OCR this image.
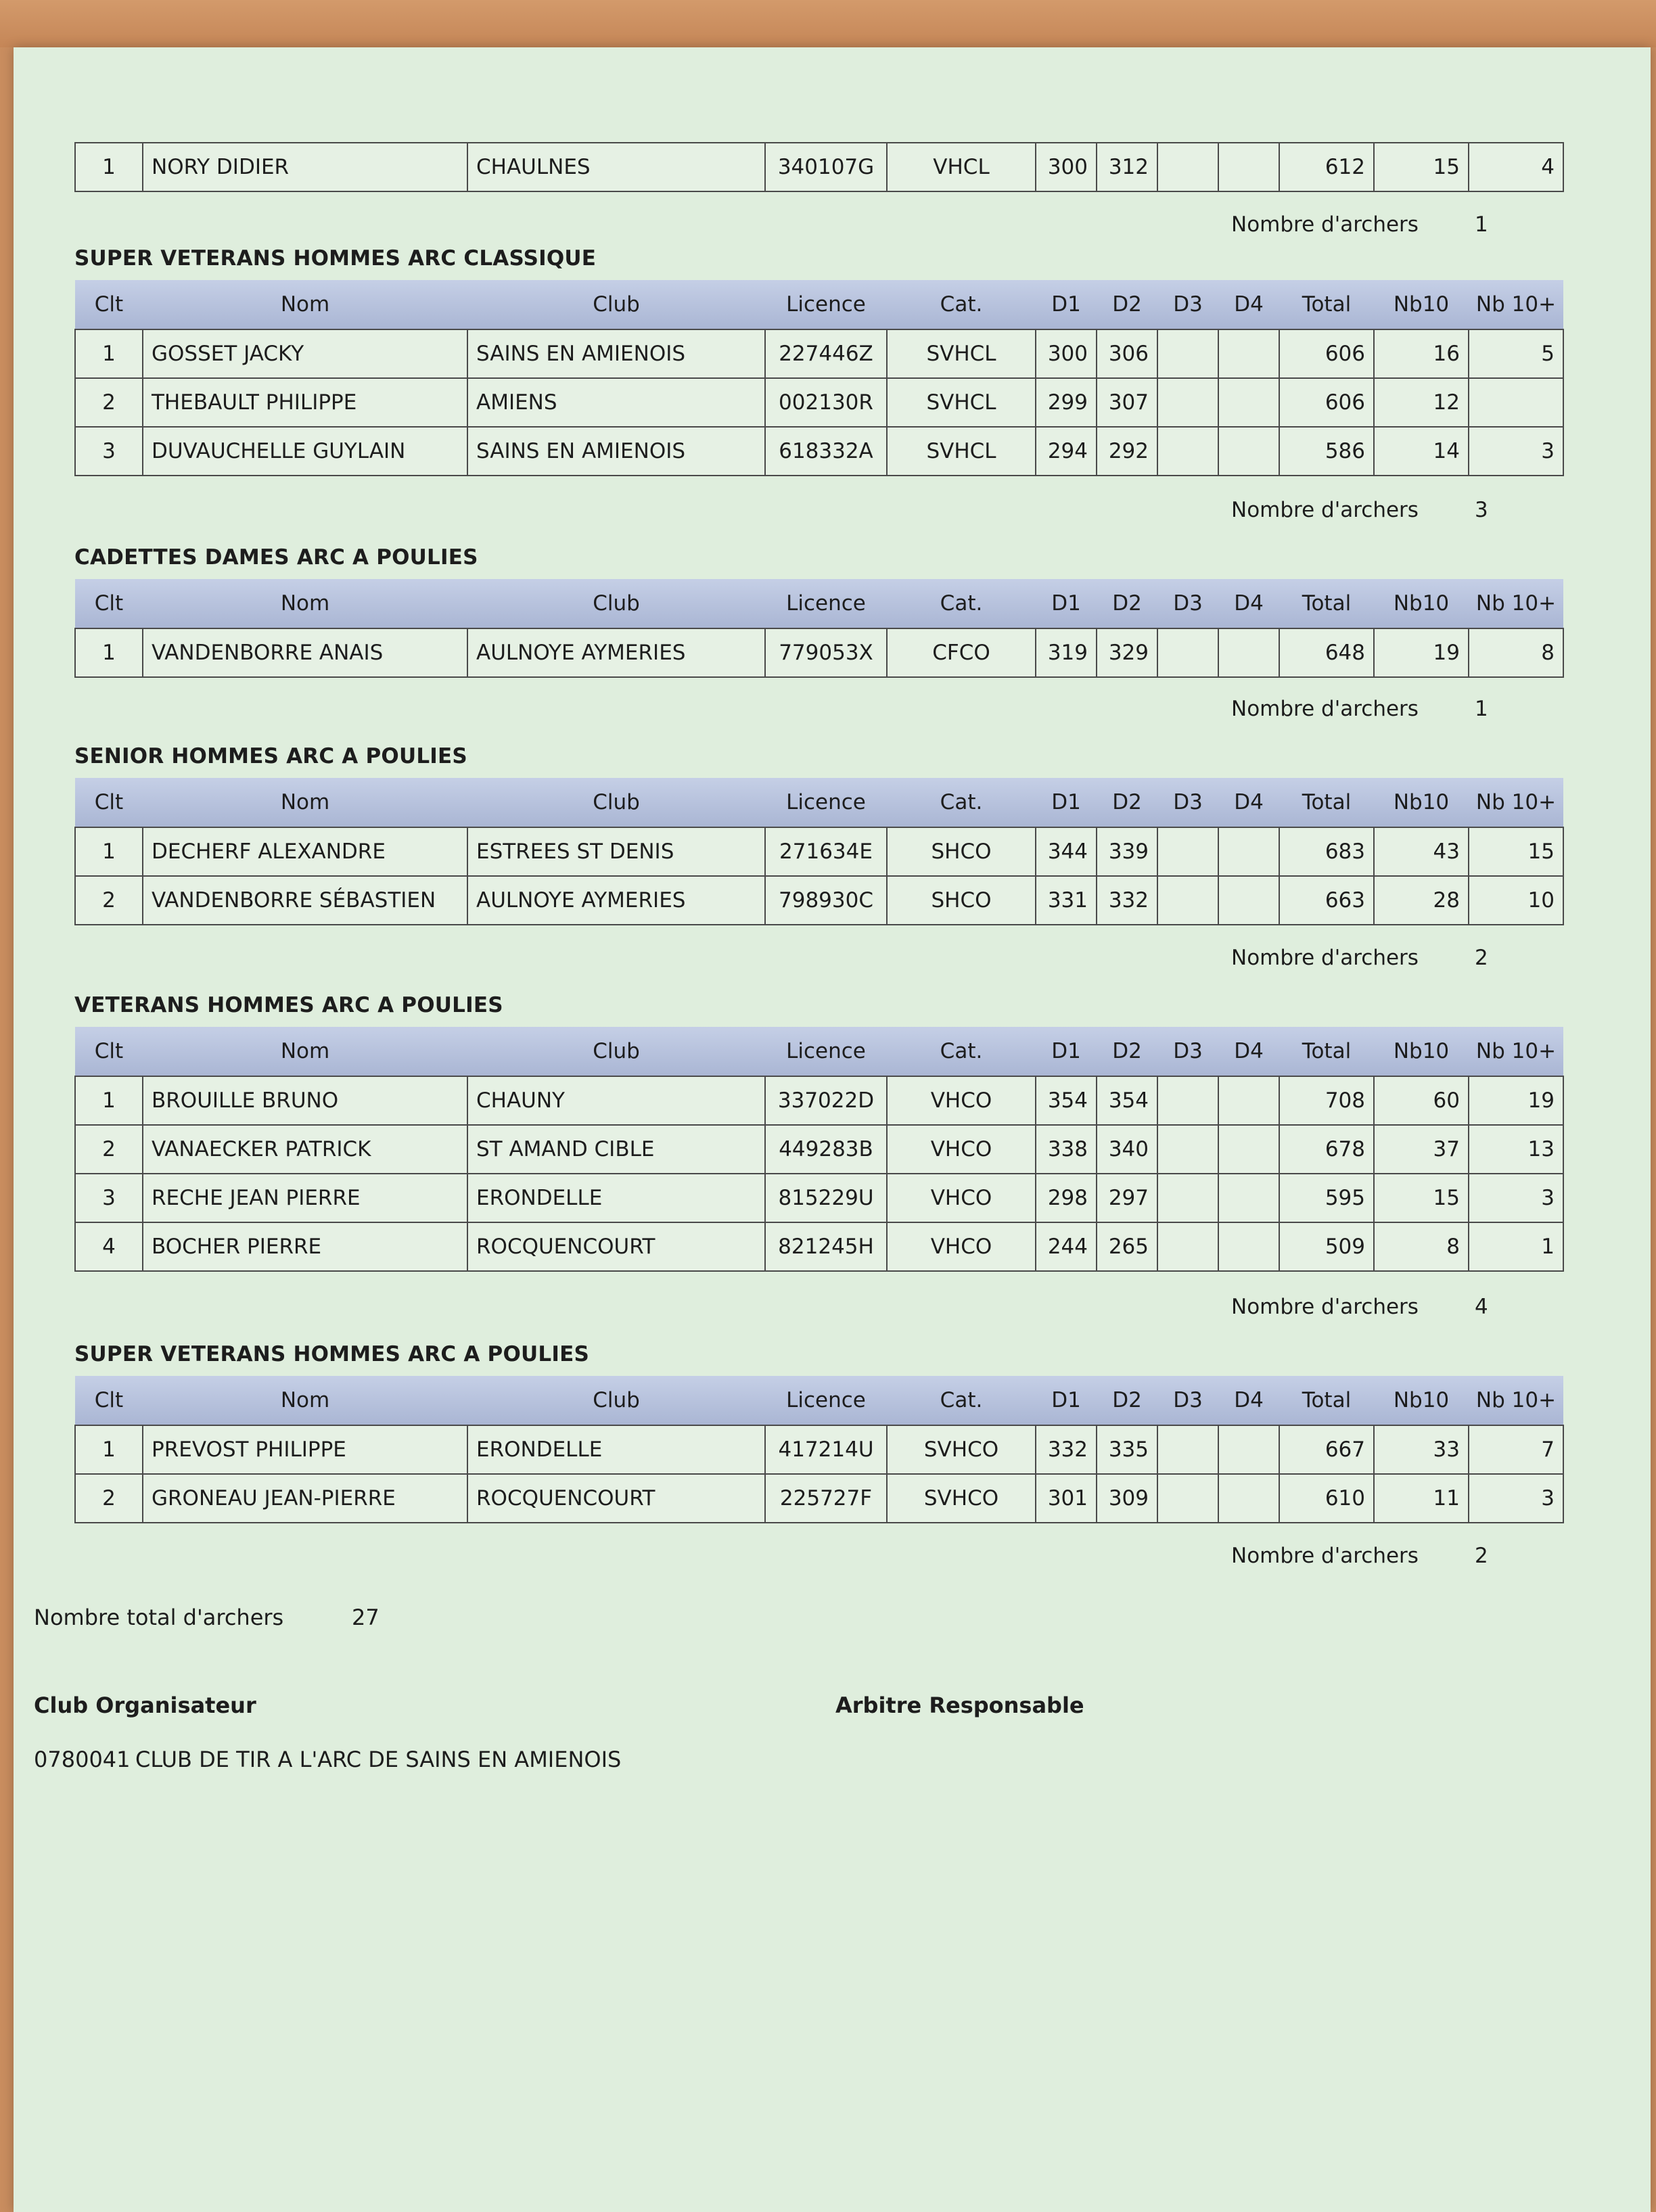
1	NORY DIDIER	CHAULNES	340107G	VHCL	300	312			612	15	4
Nombre d'archers	1
SUPER VETERANS HOMMES ARC CLASSIQUE
Clt	Nom	Club	Licence	Cat.	D1	D2	D3	D4	Total	Nb10	Nb 10+
1	GOSSET JACKY	SAINS EN AMIENOIS	227446Z	SVHCL	300	306			606	16	5
2	THEBAULT PHILIPPE	AMIENS	002130R	SVHCL	299	307			606	12	
3	DUVAUCHELLE GUYLAIN	SAINS EN AMIENOIS	618332A	SVHCL	294	292			586	14	3
Nombre d'archers	3
CADETTES DAMES ARC A POULIES
Clt	Nom	Club	Licence	Cat.	D1	D2	D3	D4	Total	Nb10	Nb 10+
1	VANDENBORRE ANAIS	AULNOYE AYMERIES	779053X	CFCO	319	329			648	19	8
Nombre d'archers	1
SENIOR HOMMES ARC A POULIES
Clt	Nom	Club	Licence	Cat.	D1	D2	D3	D4	Total	Nb10	Nb 10+
1	DECHERF ALEXANDRE	ESTREES ST DENIS	271634E	SHCO	344	339			683	43	15
2	VANDENBORRE SÉBASTIEN	AULNOYE AYMERIES	798930C	SHCO	331	332			663	28	10
Nombre d'archers	2
VETERANS HOMMES ARC A POULIES
Clt	Nom	Club	Licence	Cat.	D1	D2	D3	D4	Total	Nb10	Nb 10+
1	BROUILLE BRUNO	CHAUNY	337022D	VHCO	354	354			708	60	19
2	VANAECKER PATRICK	ST AMAND CIBLE	449283B	VHCO	338	340			678	37	13
3	RECHE JEAN PIERRE	ERONDELLE	815229U	VHCO	298	297			595	15	3
4	BOCHER PIERRE	ROCQUENCOURT	821245H	VHCO	244	265			509	8	1
Nombre d'archers	4
SUPER VETERANS HOMMES ARC A POULIES
Clt	Nom	Club	Licence	Cat.	D1	D2	D3	D4	Total	Nb10	Nb 10+
1	PREVOST PHILIPPE	ERONDELLE	417214U	SVHCO	332	335			667	33	7
2	GRONEAU JEAN-PIERRE	ROCQUENCOURT	225727F	SVHCO	301	309			610	11	3
Nombre d'archers	2
Nombre total d'archers	27
Club Organisateur	Arbitre Responsable
0780041 CLUB DE TIR A L'ARC DE SAINS EN AMIENOIS
